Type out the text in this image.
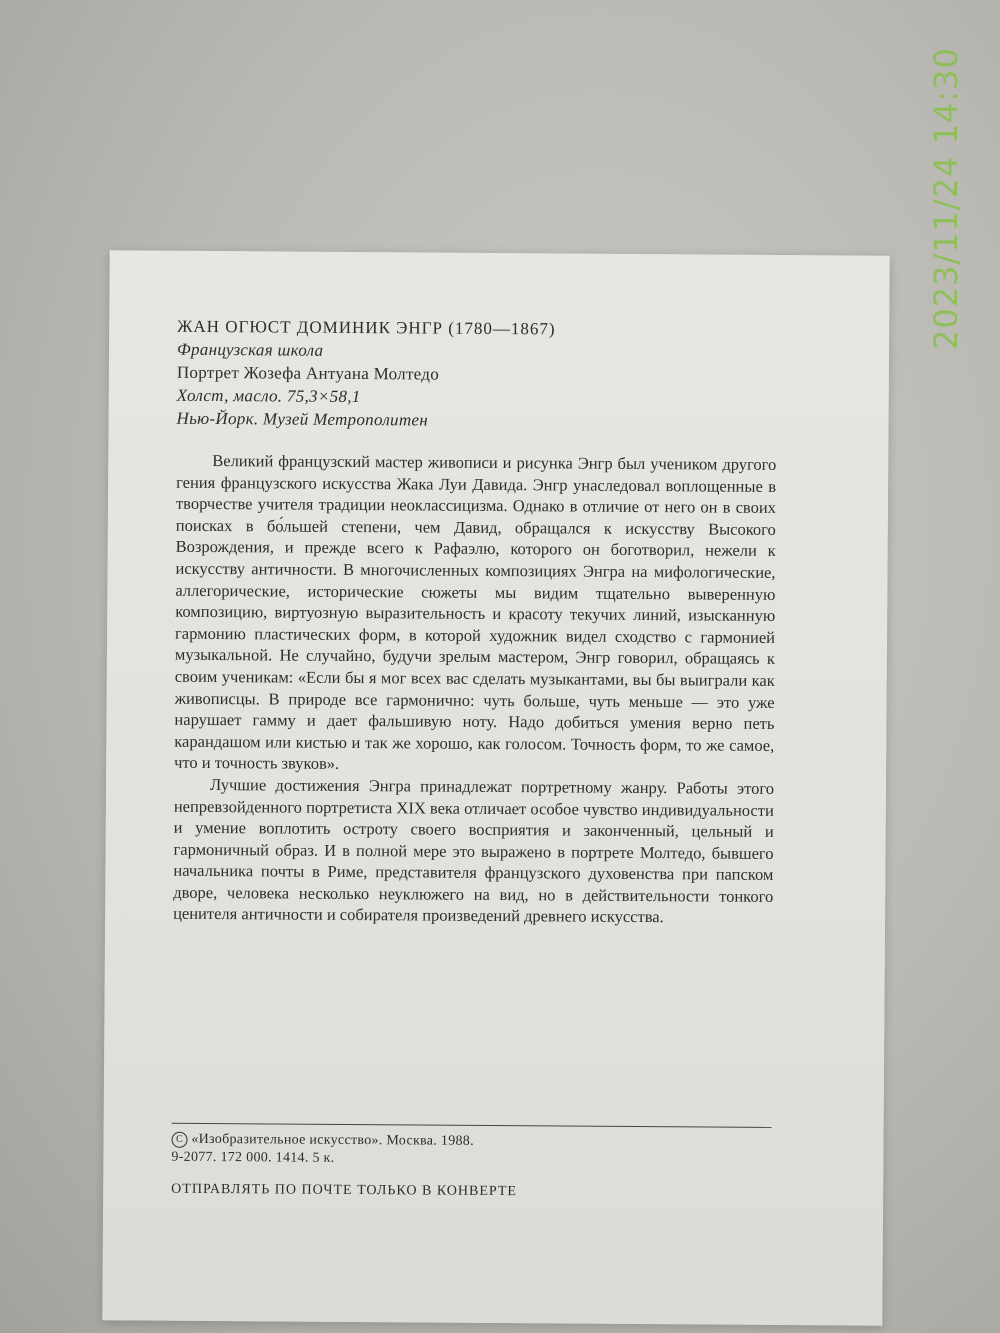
2023/11/24 14:30

ЖАН ОГЮСТ ДОМИНИК ЭНГР (1780—1867)

Французская школа

Портрет Жозефа Антуана Молтедо

Холст, масло. 75,3×58,1

Нью-Йорк. Музей Метрополитен

Великий французский мастер живописи и рисунка Энгр был учеником другого гения французского искусства Жака Луи Давида. Энгр унаследовал воплощенные в творчестве учителя традиции неоклассицизма. Однако в отличие от него он в своих поисках в бо́льшей степени, чем Давид, обращался к искусству Высокого Возрождения, и прежде всего к Рафаэлю, которого он боготворил, нежели к искусству античности. В многочисленных композициях Энгра на мифологические, аллегорические, исторические сюжеты мы видим тщательно выверенную композицию, виртуозную выразительность и красоту текучих линий, изысканную гармонию пластических форм, в которой художник видел сходство с гармонией музыкальной. Не случайно, будучи зрелым мастером, Энгр говорил, обращаясь к своим ученикам: «Если бы я мог всех вас сделать музыкантами, вы бы выиграли как живописцы. В природе все гармонично: чуть больше, чуть меньше — это уже нарушает гамму и дает фальшивую ноту. Надо добиться умения верно петь карандашом или кистью и так же хорошо, как голосом. Точность форм, то же самое, что и точность звуков».

Лучшие достижения Энгра принадлежат портретному жанру. Работы этого непревзойденного портретиста XIX века отличает особое чувство индивидуальности и умение воплотить остроту своего восприятия и законченный, цельный и гармоничный образ. И в полной мере это выражено в портрете Молтедо, бывшего начальника почты в Риме, представителя французского духовенства при папском дворе, человека несколько неуклюжего на вид, но в действительности тонкого ценителя античности и собирателя произведений древнего искусства.

C «Изобразительное искусство». Москва. 1988.
9-2077. 172 000. 1414. 5 к.
ОТПРАВЛЯТЬ ПО ПОЧТЕ ТОЛЬКО В КОНВЕРТЕ
